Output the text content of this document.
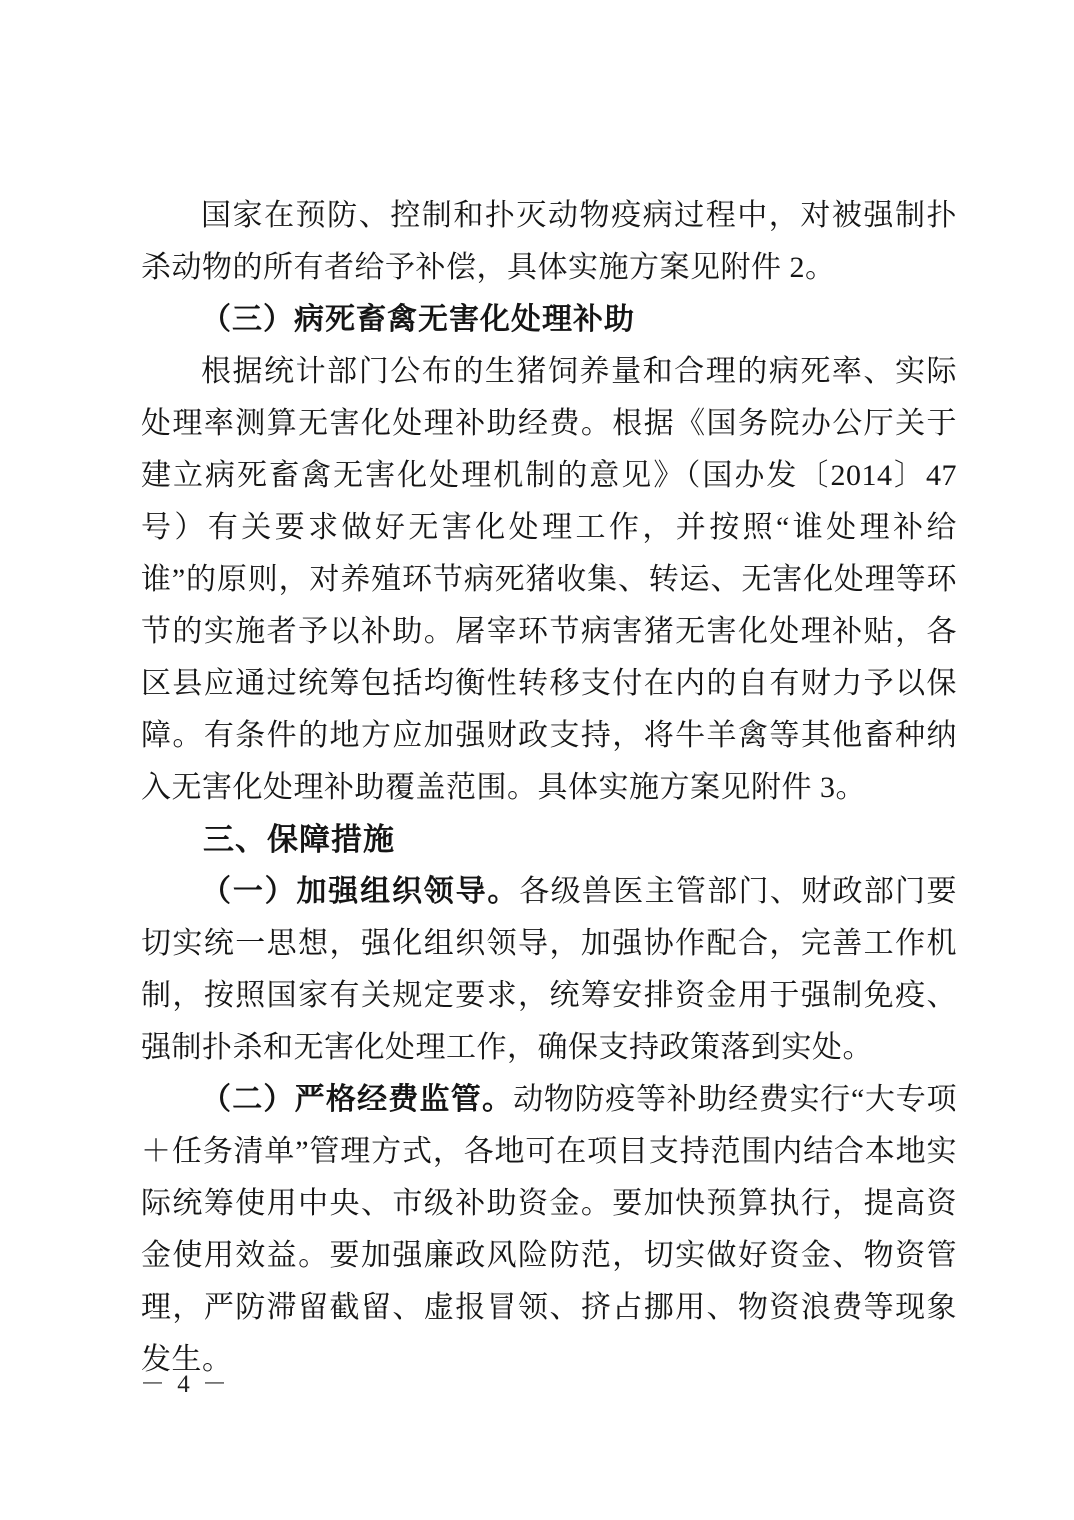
国家在预防、控制和扑灭动物疫病过程中，对被强制扑杀动物的所有者给予补偿，具体实施方案见附件 2。

（三）病死畜禽无害化处理补助

根据统计部门公布的生猪饲养量和合理的病死率、实际处理率测算无害化处理补助经费。根据《国务院办公厅关于建立病死畜禽无害化处理机制的意见》（国办发〔2014〕47 号）有关要求做好无害化处理工作，并按照“谁处理补给谁”的原则，对养殖环节病死猪收集、转运、无害化处理等环节的实施者予以补助。屠宰环节病害猪无害化处理补贴，各区县应通过统筹包括均衡性转移支付在内的自有财力予以保障。有条件的地方应加强财政支持，将牛羊禽等其他畜种纳入无害化处理补助覆盖范围。具体实施方案见附件 3。

三、保障措施

（一）加强组织领导。各级兽医主管部门、财政部门要切实统一思想，强化组织领导，加强协作配合，完善工作机制，按照国家有关规定要求，统筹安排资金用于强制免疫、强制扑杀和无害化处理工作，确保支持政策落到实处。

（二）严格经费监管。动物防疫等补助经费实行“大专项＋任务清单”管理方式，各地可在项目支持范围内结合本地实际统筹使用中央、市级补助资金。要加快预算执行，提高资金使用效益。要加强廉政风险防范，切实做好资金、物资管理，严防滞留截留、虚报冒领、挤占挪用、物资浪费等现象发生。

－ 4 －
